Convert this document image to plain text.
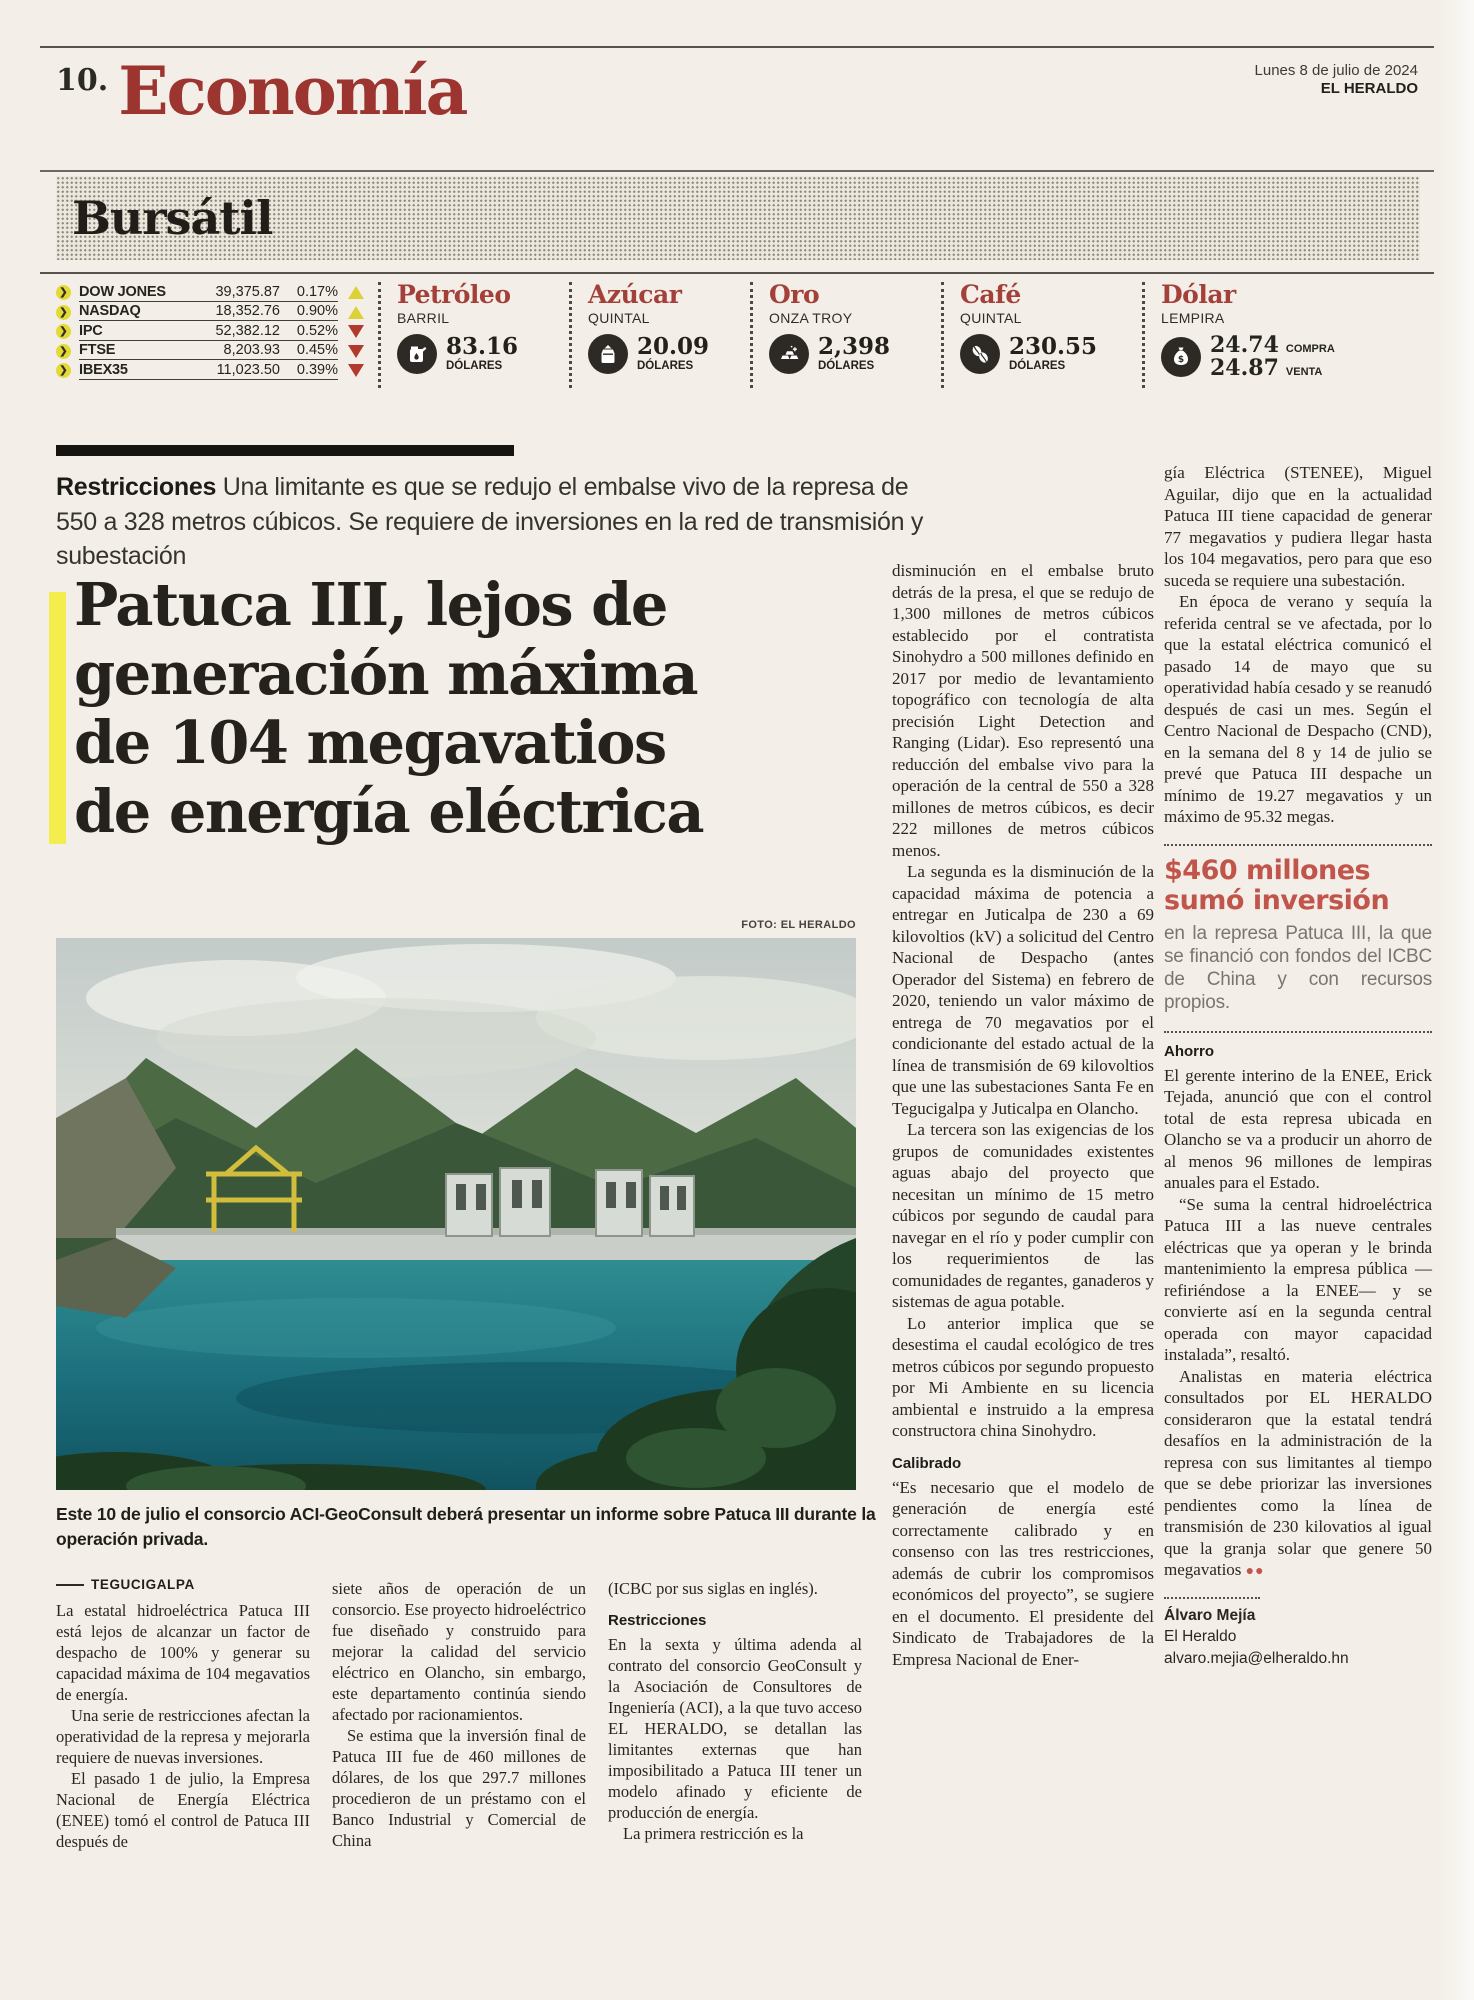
10. Economía	Lunes 8 de julio de 2024
EL HERALDO
Bursátil
❯ DOW JONES	39,375.87	0.17%
❯ NASDAQ	18,352.76	0.90%
❯ IPC	52,382.12	0.52%
❯ FTSE	8,203.93	0.45%
❯ IBEX35	11,023.50	0.39%
Petróleo
BARRIL
83.16
DÓLARES
Azúcar
QUINTAL
20.09
DÓLARES
Oro
ONZA TROY
2,398
DÓLARES
Café
QUINTAL
230.55
DÓLARES
Dólar
LEMPIRA
$
24.74 COMPRA
24.87 VENTA
Restricciones Una limitante es que se redujo el embalse vivo de la represa de 550 a 328 metros cúbicos. Se requiere de inversiones en la red de transmisión y subestación
Patuca III, lejos de
generación máxima
de 104 megavatios
de energía eléctrica
FOTO: EL HERALDO
Este 10 de julio el consorcio ACI-GeoConsult deberá presentar un informe sobre Patuca III durante la operación privada.

disminución en el embalse bruto detrás de la presa, el que se redujo de 1,300 millones de metros cúbicos establecido por el contratista Sinohydro a 500 millones definido en 2017 por medio de levantamiento topográfico con tecnología de alta precisión Light Detection and Ranging (Lidar). Eso representó una reducción del embalse vivo para la operación de la central de 550 a 328 millones de metros cúbicos, es decir 222 millones de metros cúbicos menos.

La segunda es la disminución de la capacidad máxima de potencia a entregar en Juticalpa de 230 a 69 kilovoltios (kV) a solicitud del Centro Nacional de Despacho (antes Operador del Sistema) en febrero de 2020, teniendo un valor máximo de entrega de 70 megavatios por el condicionante del estado actual de la línea de transmisión de 69 kilovoltios que une las subestaciones Santa Fe en Tegucigalpa y Juticalpa en Olancho.

La tercera son las exigencias de los grupos de comunidades existentes aguas abajo del proyecto que necesitan un mínimo de 15 metro cúbicos por segundo de caudal para navegar en el río y poder cumplir con los requerimientos de las comunidades de regantes, ganaderos y sistemas de agua potable.

Lo anterior implica que se desestima el caudal ecológico de tres metros cúbicos por segundo propuesto por Mi Ambiente en su licencia ambiental e instruido a la empresa constructora china Sinohydro.

Calibrado

“Es necesario que el modelo de generación de energía esté correctamente calibrado y en consenso con las tres restricciones, además de cubrir los compromisos económicos del proyecto”, se sugiere en el documento. El presidente del Sindicato de Trabajadores de la Empresa Nacional de Ener-

gía Eléctrica (STENEE), Miguel Aguilar, dijo que en la actualidad Patuca III tiene capacidad de generar 77 megavatios y pudiera llegar hasta los 104 megavatios, pero para que eso suceda se requiere una subestación.

En época de verano y sequía la referida central se ve afectada, por lo que la estatal eléctrica comunicó el pasado 14 de mayo que su operatividad había cesado y se reanudó después de casi un mes. Según el Centro Nacional de Despacho (CND), en la semana del 8 y 14 de julio se prevé que Patuca III despache un mínimo de 19.27 megavatios y un máximo de 95.32 megas.

$460 millones
sumó inversión
en la represa Patuca III, la que se financió con fondos del ICBC de China y con recursos propios.
Ahorro

El gerente interino de la ENEE, Erick Tejada, anunció que con el control total de esta represa ubicada en Olancho se va a producir un ahorro de al menos 96 millones de lempiras anuales para el Estado.

“Se suma la central hidroeléctrica Patuca III a las nueve centrales eléctricas que ya operan y le brinda mantenimiento la empresa pública —refiriéndose a la ENEE— y se convierte así en la segunda central operada con mayor capacidad instalada”, resaltó.

Analistas en materia eléctrica consultados por EL HERALDO consideraron que la estatal tendrá desafíos en la administración de la represa con sus limitantes al tiempo que se debe priorizar las inversiones pendientes como la línea de transmisión de 230 kilovatios al igual que la granja solar que genere 50 megavatios ●●

Álvaro Mejía
El Heraldo
alvaro.mejia@elheraldo.hn
TEGUCIGALPA

La estatal hidroeléctrica Patuca III está lejos de alcanzar un factor de despacho de 100% y generar su capacidad máxima de 104 megavatios de energía.

Una serie de restricciones afectan la operatividad de la represa y mejorarla requiere de nuevas inversiones.

El pasado 1 de julio, la Empresa Nacional de Energía Eléctrica (ENEE) tomó el control de Patuca III después de

siete años de operación de un consorcio. Ese proyecto hidroeléctrico fue diseñado y construido para mejorar la calidad del servicio eléctrico en Olancho, sin embargo, este departamento continúa siendo afectado por racionamientos.

Se estima que la inversión final de Patuca III fue de 460 millones de dólares, de los que 297.7 millones procedieron de un préstamo con el Banco Industrial y Comercial de China

(ICBC por sus siglas en inglés).

Restricciones

En la sexta y última adenda al contrato del consorcio GeoConsult y la Asociación de Consultores de Ingeniería (ACI), a la que tuvo acceso EL HERALDO, se detallan las limitantes externas que han imposibilitado a Patuca III tener un modelo afinado y eficiente de producción de energía.

La primera restricción es la
